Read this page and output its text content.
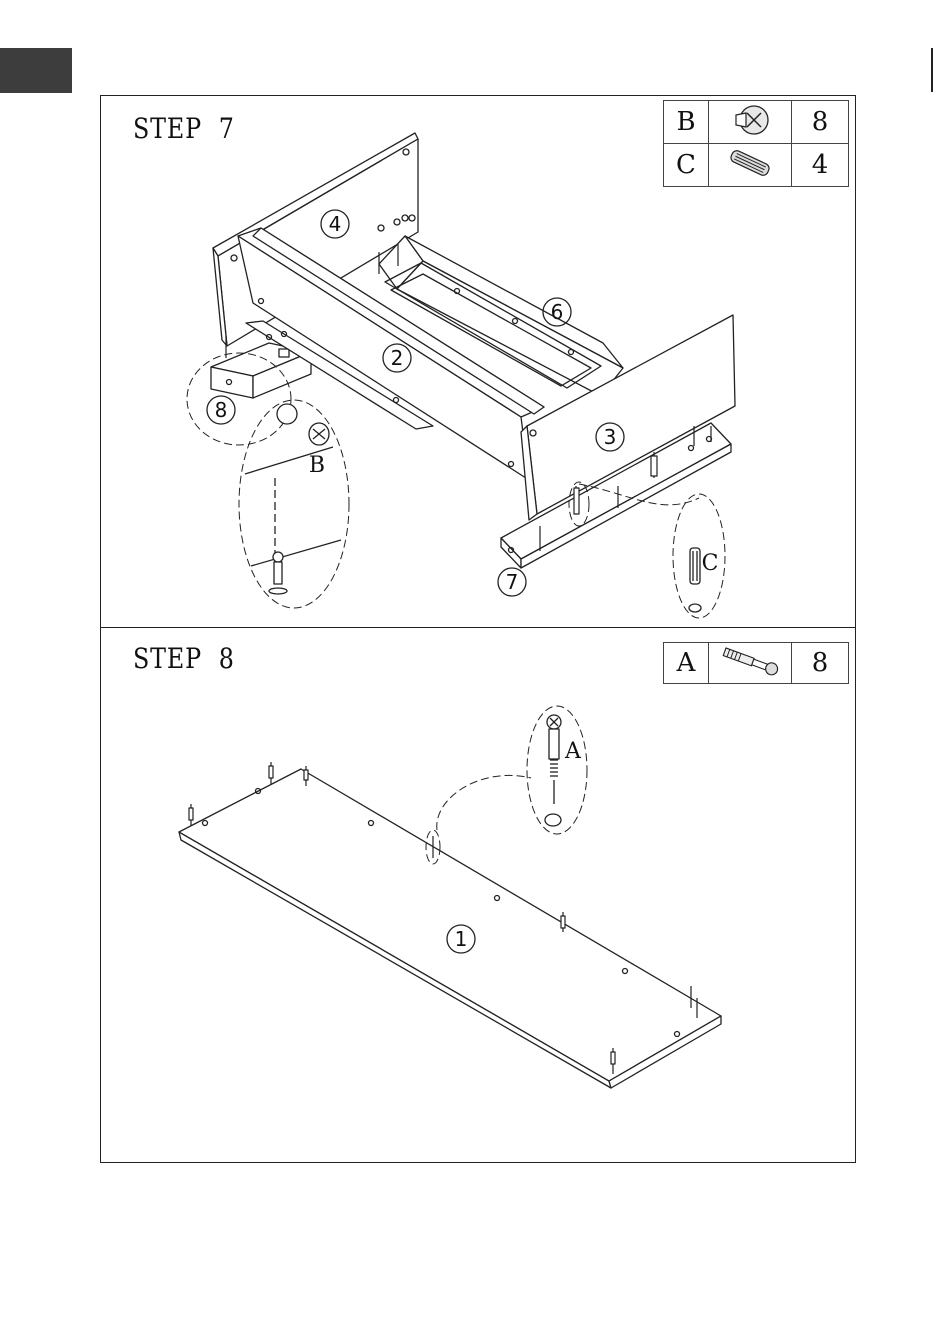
4
6
2
3
8
7
B
C
STEP  7	B		8
C		4
1
A
STEP  8	A		8
